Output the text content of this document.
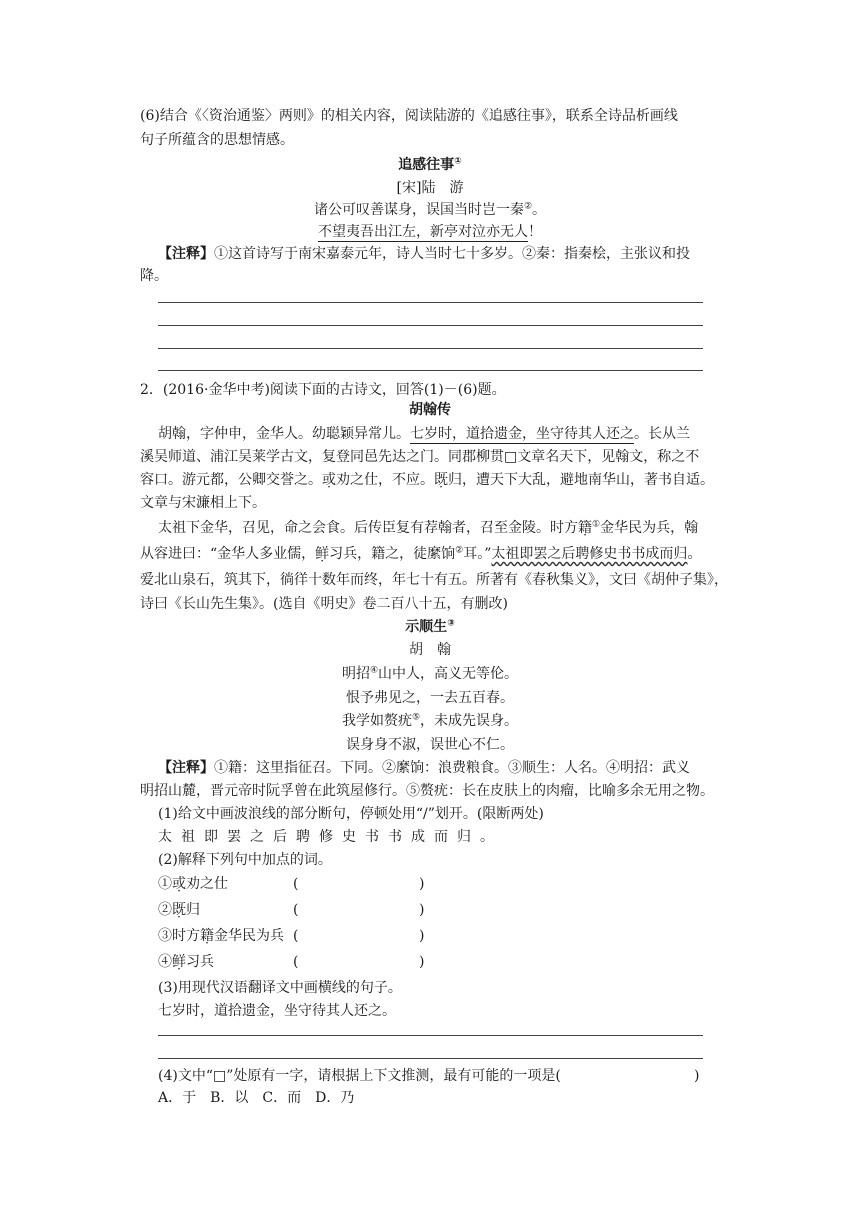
(6)结合《〈资治通鉴〉两则》的相关内容，阅读陆游的《追感往事》，联系全诗品析画线
句子所蕴含的思想情感。
追感往事①
[宋]陆　游
诸公可叹善谋身，误国当时岂一秦②。
不望夷吾出江左，新亭对泣亦无人！
【注释】①这首诗写于南宋嘉泰元年，诗人当时七十多岁。②秦：指秦桧，主张议和投
降。
2．(2016·金华中考)阅读下面的古诗文，回答(1)－(6)题。
胡翰传
胡翰，字仲申，金华人。幼聪颖异常儿。七岁时，道拾遗金，坐守待其人还之。长从兰
溪吴师道、浦江吴莱学古文，复登同邑先达之门。同郡柳贯□文章名天下，见翰文，称之不
容口。游元都，公卿交誉之。或劝之仕，不应。既归，遭天下大乱，避地南华山，著书自适。
文章与宋濂相上下。
太祖下金华，召见，命之会食。后传臣复有荐翰者，召至金陵。时方籍①金华民为兵，翰
从容进曰：“金华人多业儒，鲜习兵，籍之，徒縻饷②耳。”太祖即罢之后聘修史书书成而归。
爱北山泉石，筑其下，徜徉十数年而终，年七十有五。所著有《春秋集义》，文曰《胡仲子集》，
诗曰《长山先生集》。(选自《明史》卷二百八十五，有删改)
示顺生③
胡　翰
明招④山中人，高义无等伦。
恨予弗见之，一去五百春。
我学如赘疣⑤，未成先误身。
误身身不淑，误世心不仁。
【注释】①籍：这里指征召。下同。②縻饷：浪费粮食。③顺生：人名。④明招：武义
明招山麓，晋元帝时阮孚曾在此筑屋修行。⑤赘疣：长在皮肤上的肉瘤，比喻多余无用之物。
(1)给文中画波浪线的部分断句，停顿处用“/”划开。(限断两处)
太祖即罢之后聘修史书书成而归。
(2)解释下列句中加点的词。
①或劝之仕	(	)
②既归	(	)
③时方籍金华民为兵 (	)
④鲜习兵	(	)
(3)用现代汉语翻译文中画横线的句子。
七岁时，道拾遗金，坐守待其人还之。
(4)文中“□”处原有一字，请根据上下文推测，最有可能的一项是(	)
A．于　B．以　C．而　D．乃
